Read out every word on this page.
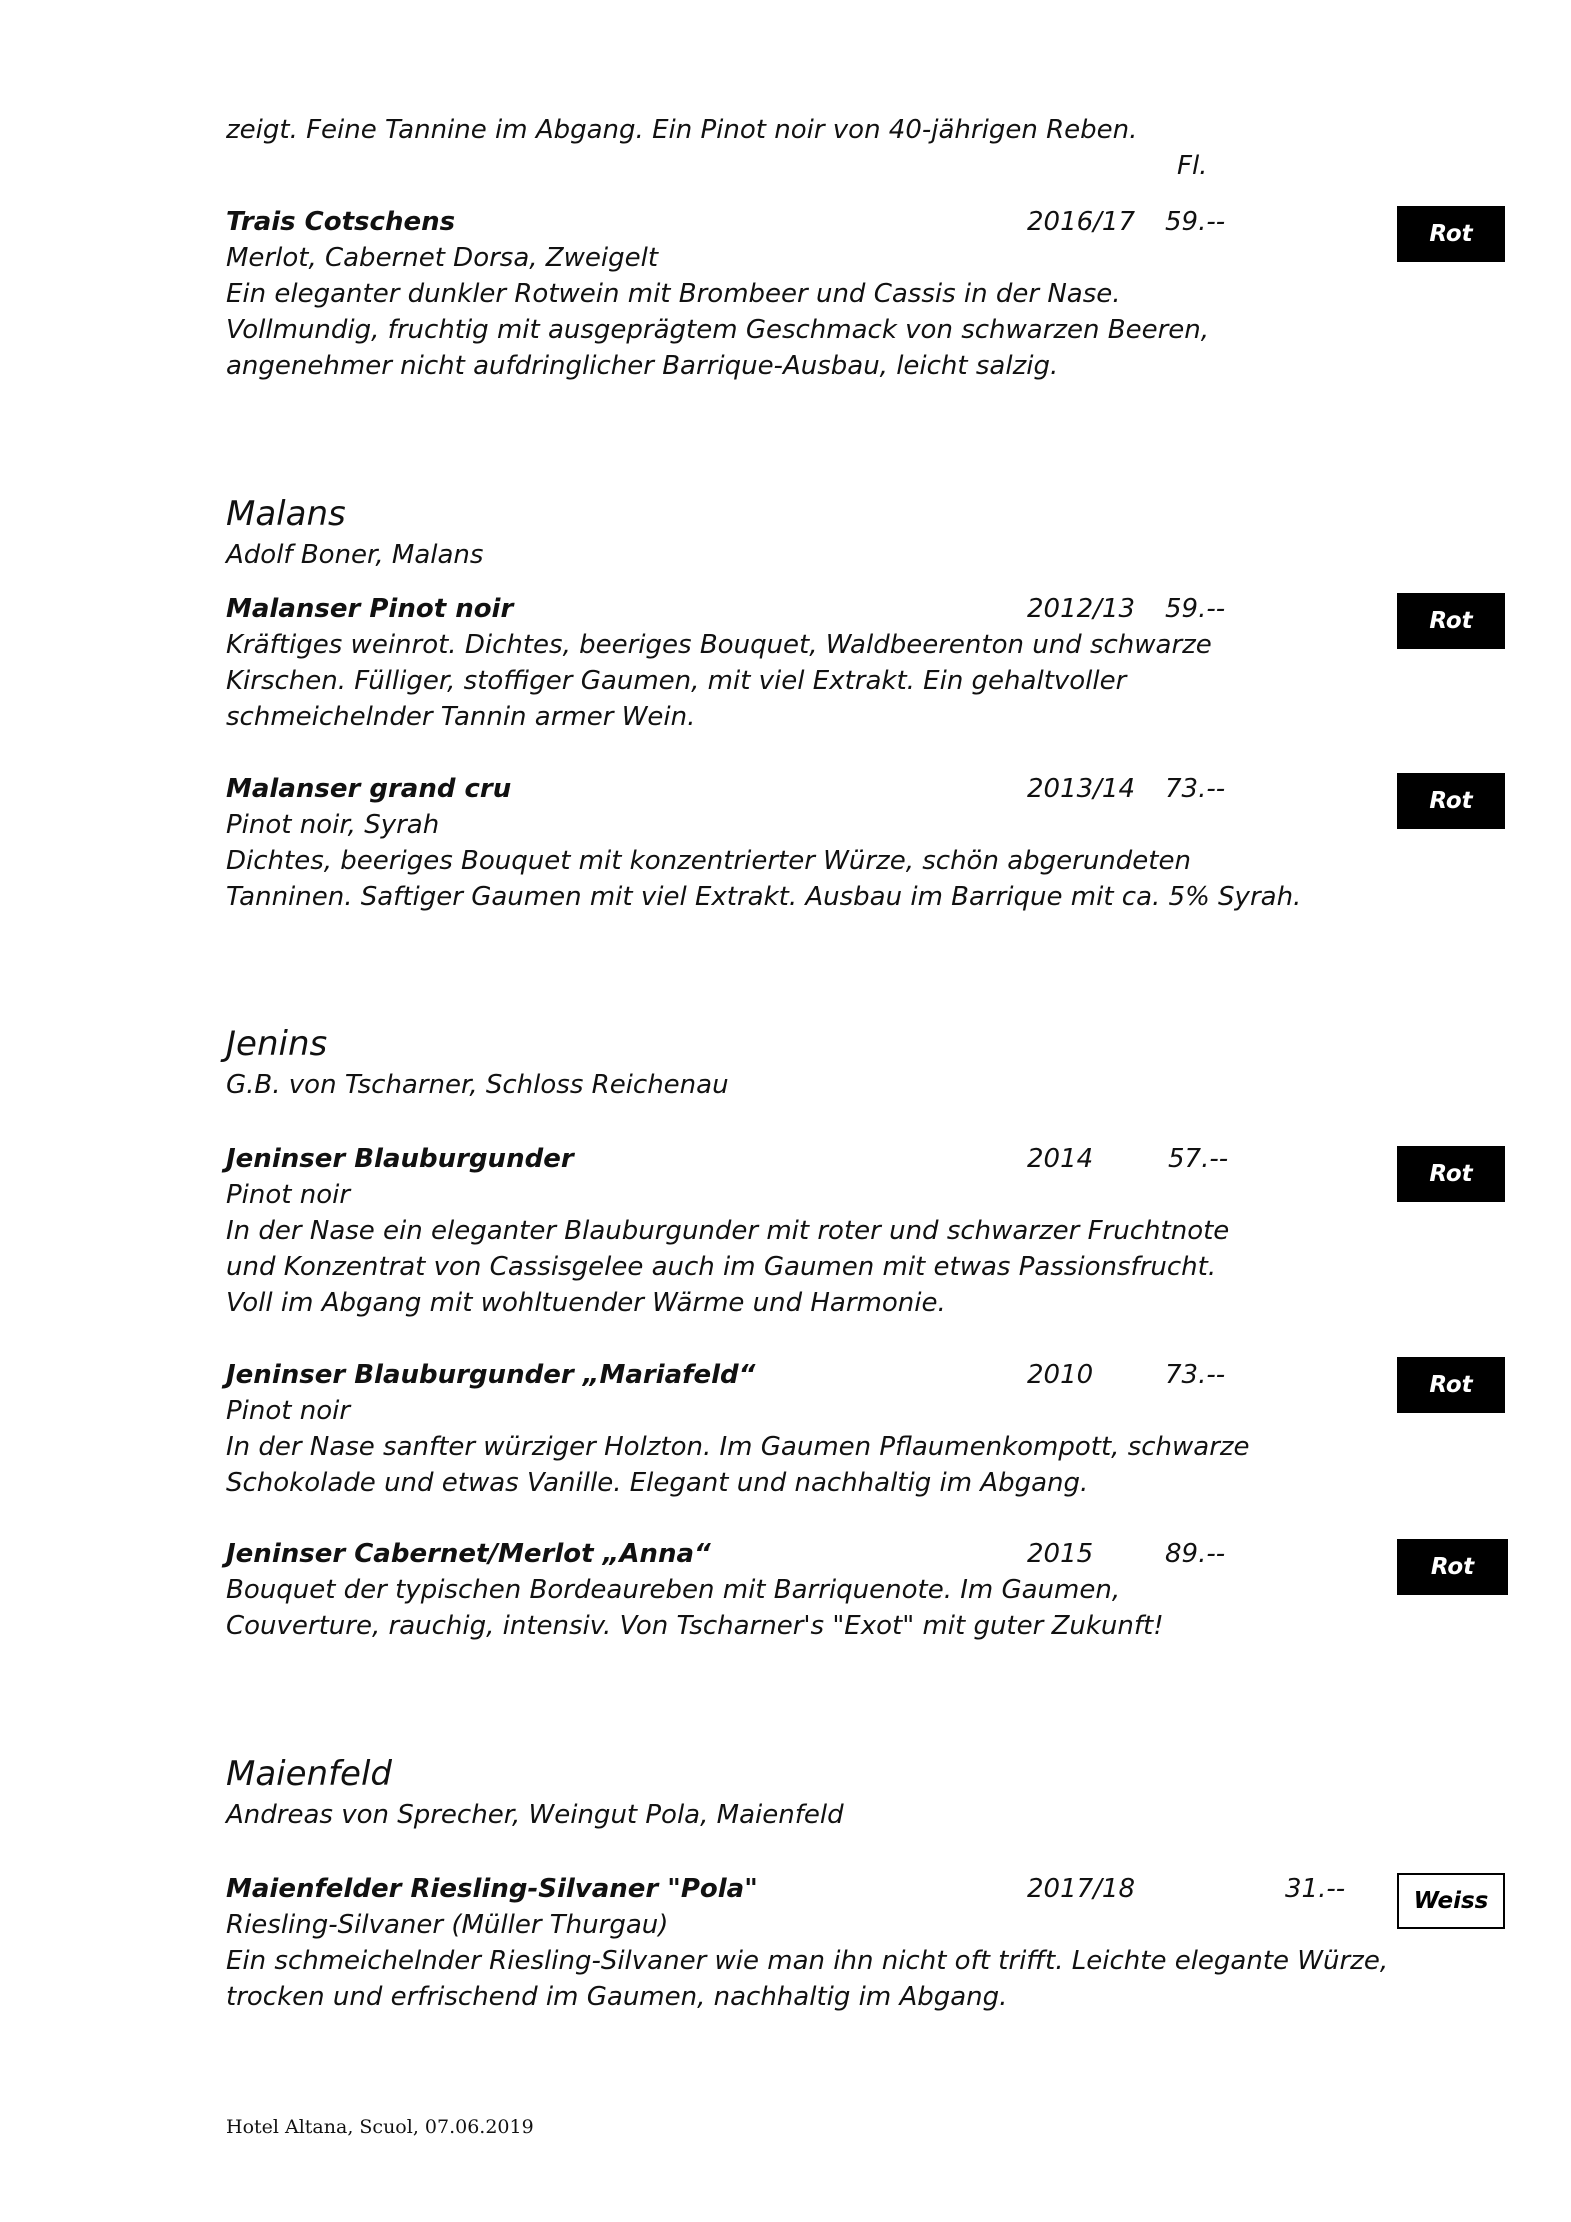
zeigt. Feine Tannine im Abgang. Ein Pinot noir von 40-jährigen Reben.
Fl.
Trais Cotschens	2016/17 59.--
Merlot, Cabernet Dorsa, Zweigelt
Ein eleganter dunkler Rotwein mit Brombeer und Cassis in der Nase.
Vollmundig, fruchtig mit ausgeprägtem Geschmack von schwarzen Beeren,
angenehmer nicht aufdringlicher Barrique-Ausbau, leicht salzig.
Rot
Malans
Adolf Boner, Malans
Malanser Pinot noir	2012/13 59.--
Kräftiges weinrot. Dichtes, beeriges Bouquet, Waldbeerenton und schwarze
Kirschen. Fülliger, stoffiger Gaumen, mit viel Extrakt. Ein gehaltvoller
schmeichelnder Tannin armer Wein.
Rot
Malanser grand cru	2013/14 73.--
Pinot noir, Syrah
Dichtes, beeriges Bouquet mit konzentrierter Würze, schön abgerundeten
Tanninen. Saftiger Gaumen mit viel Extrakt. Ausbau im Barrique mit ca. 5% Syrah.
Rot
Jenins
G.B. von Tscharner, Schloss Reichenau
Jeninser Blauburgunder	2014	57.--
Pinot noir
In der Nase ein eleganter Blauburgunder mit roter und schwarzer Fruchtnote
und Konzentrat von Cassisgelee auch im Gaumen mit etwas Passionsfrucht.
Voll im Abgang mit wohltuender Wärme und Harmonie.
Rot
Jeninser Blauburgunder „Mariafeld“	2010	73.--
Pinot noir
In der Nase sanfter würziger Holzton. Im Gaumen Pflaumenkompott, schwarze
Schokolade und etwas Vanille. Elegant und nachhaltig im Abgang.
Rot
Jeninser Cabernet/Merlot „Anna“	2015	89.--
Bouquet der typischen Bordeaureben mit Barriquenote. Im Gaumen,
Couverture, rauchig, intensiv. Von Tscharner's "Exot" mit guter Zukunft!
Rot
Maienfeld
Andreas von Sprecher, Weingut Pola, Maienfeld
Maienfelder Riesling-Silvaner "Pola"	2017/18	31.--
Riesling-Silvaner (Müller Thurgau)
Ein schmeichelnder Riesling-Silvaner wie man ihn nicht oft trifft. Leichte elegante Würze,
trocken und erfrischend im Gaumen, nachhaltig im Abgang.
Weiss
Hotel Altana, Scuol, 07.06.2019
